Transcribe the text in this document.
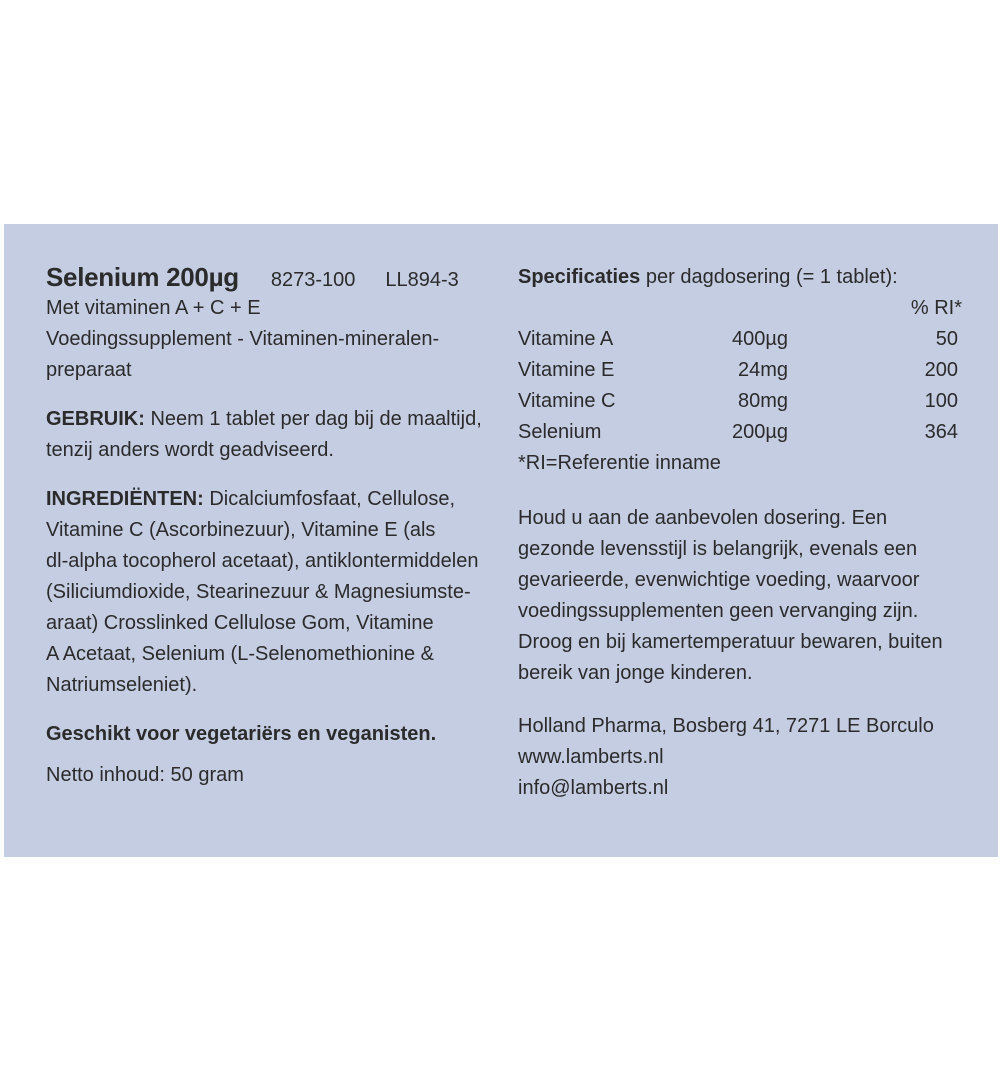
Selenium 200µg 8273-100 LL894-3
Met vitaminen A + C + E
Voedingssupplement - Vitaminen-mineralen-
preparaat
GEBRUIK: Neem 1 tablet per dag bij de maaltijd,
tenzij anders wordt geadviseerd.
INGREDIËNTEN: Dicalciumfosfaat, Cellulose,
Vitamine C (Ascorbinezuur), Vitamine E (als
dl-alpha tocopherol acetaat), antiklontermiddelen
(Siliciumdioxide, Stearinezuur & Magnesiumste-
araat) Crosslinked Cellulose Gom, Vitamine
A Acetaat, Selenium (L-Selenomethionine &
Natriumseleniet).
Geschikt voor vegetariërs en veganisten.
Netto inhoud: 50 gram
Specificaties per dagdosering (= 1 tablet):
% RI*
Vitamine A	400µg	50
Vitamine E	24mg	200
Vitamine C	80mg	100
Selenium	200µg	364
*RI=Referentie inname
Houd u aan de aanbevolen dosering. Een
gezonde levensstijl is belangrijk, evenals een
gevarieerde, evenwichtige voeding, waarvoor
voedingssupplementen geen vervanging zijn.
Droog en bij kamertemperatuur bewaren, buiten
bereik van jonge kinderen.
Holland Pharma, Bosberg 41, 7271 LE Borculo
www.lamberts.nl
info@lamberts.nl
